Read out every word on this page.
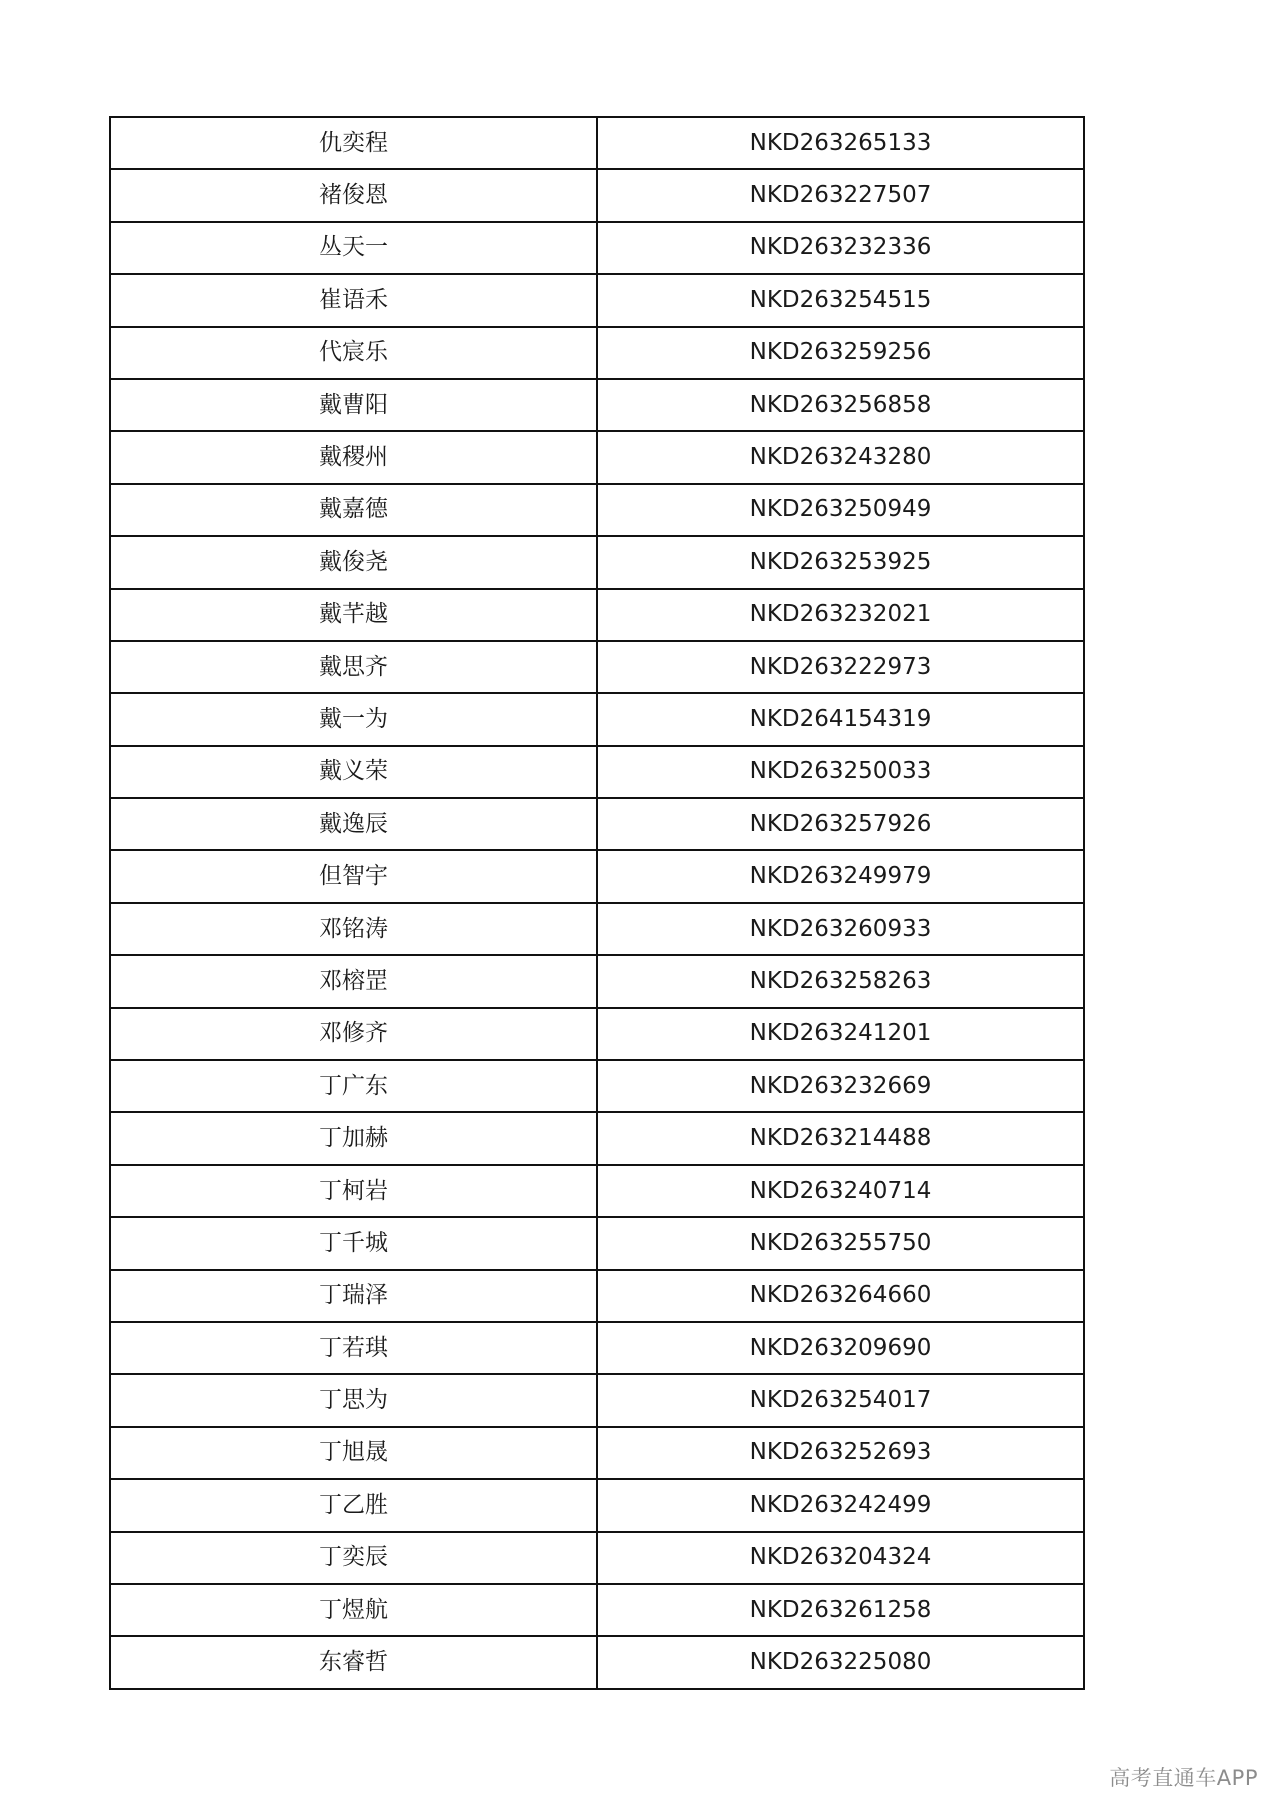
仇奕程	NKD263265133
褚俊恩	NKD263227507
丛天一	NKD263232336
崔语禾	NKD263254515
代宸乐	NKD263259256
戴曹阳	NKD263256858
戴稷州	NKD263243280
戴嘉德	NKD263250949
戴俊尧	NKD263253925
戴芊越	NKD263232021
戴思齐	NKD263222973
戴一为	NKD264154319
戴义荣	NKD263250033
戴逸辰	NKD263257926
但智宇	NKD263249979
邓铭涛	NKD263260933
邓榕罡	NKD263258263
邓修齐	NKD263241201
丁广东	NKD263232669
丁加赫	NKD263214488
丁柯岩	NKD263240714
丁千城	NKD263255750
丁瑞泽	NKD263264660
丁若琪	NKD263209690
丁思为	NKD263254017
丁旭晟	NKD263252693
丁乙胜	NKD263242499
丁奕辰	NKD263204324
丁煜航	NKD263261258
东睿哲	NKD263225080
高考直通车APP
